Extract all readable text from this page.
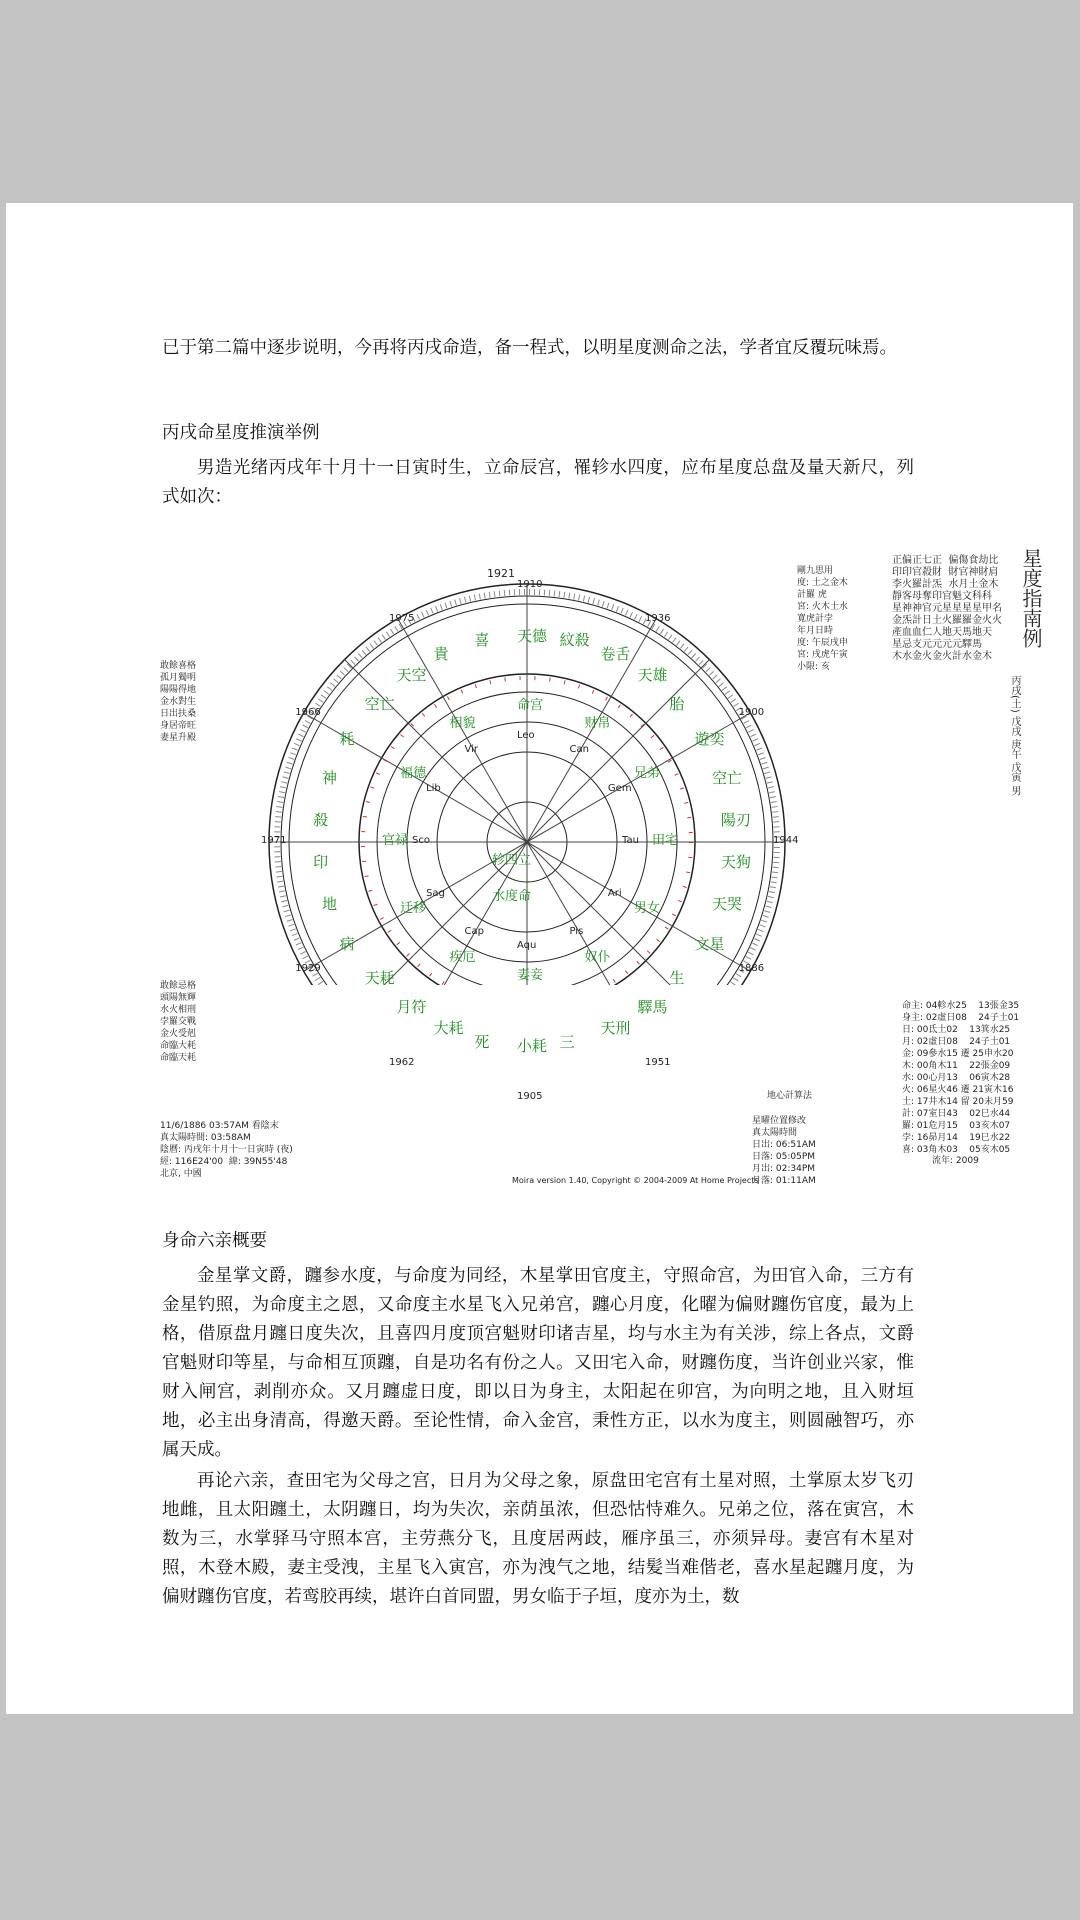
已于第二篇中逐步说明，今再将丙戌命造，备一程式，以明星度测命之法，学者宜反覆玩味焉。

丙戌命星度推演举例

男造光绪丙戌年十月十一日寅时生，立命辰宫，罹轸水四度，应布星度总盘及量天新尺，列式如次：

1921

轸四立

水度命

敢餘喜格
孤月獨明
陽陽得地
金水對生
日出扶桑
身居帝旺
妻星升殿
敢餘忌格
頭陽無輝
水火相刑
孛羅交戰
金火受剋
命臨大耗
命臨天耗
剛九思用
度: 土之金木
計羅 虎
宮: 火木土水
寬虎計孛
年月日時
度: 午辰戌申
宮: 戌虎午寅
小限: 亥
正偏正七正  偏傷食劫比
印印官殺財  財官神財肩
李火羅計炁  水月土金木
靜客母奪印官魁文科科
星神神官元星星星星甲名
金炁計日土火羅羅金火火
產血血仁人地天馬地天
星忌支元元元元驛馬
木水金火金火計水金木
星度指南例
丙戌(土) 戊戌 庚午 戊寅 男
命主: 04軫水25    13張金35
身主: 02虛日08    24子土01
日: 00氐土02    13箕水25
月: 02虛日08    24子土01
金: 09參水15 遷 25申水20
木: 00角木11    22張金09
水: 00心月13    06寅木28
火: 06星火46 遷 21寅木16
土: 17井木14 留 20未月59
計: 07室日43    02巳水44
羅: 01危月15    03亥木07
孛: 16昴月14    19巳水22
喜: 03角木03    05亥木05
流年: 2009
地心計算法
星曜位置修改
真太陽時間
日出: 06:51AM
日落: 05:05PM
月出: 02:34PM
月落: 01:11AM
11/6/1886 03:57AM 看陰末
真太陽時間: 03:58AM
陰曆: 丙戌年十月十一日寅時 (夜)
經: 116E24'00  緯: 39N55'48
北京, 中國
Moira version 1.40, Copyright © 2004-2009 At Home Projects
1910
1936
1900
1944
1886
1951
1905
1962
1929
1971
1966
1975
天德 紋殺
卷舌
天雄
胎
遊奕
空亡
陽刃
天狗
天哭
文星
生
驛馬
天刑
三
小耗
死
大耗
月符
天耗
病
地
印
殺
神
耗
空亡
天空
貴
喜
命宫
财帛
兄弟
田宅
男女
奴仆
妻妾
疾厄
迁移
官禄
福德
相貌
Leo
Can
Gem
Tau
Ari
Pis
Aqu
Cap
Sag
Sco
Lib
Vir

身命六亲概要

金星掌文爵，躔参水度，与命度为同经，木星掌田官度主，守照命宫，为田官入命，三方有金星钓照，为命度主之恩，又命度主水星飞入兄弟宫，躔心月度，化曜为偏财躔伤官度，最为上格，借原盘月躔日度失次，且喜四月度顶宫魁财印诸吉星，均与水主为有关涉，综上各点，文爵官魁财印等星，与命相互顶躔，自是功名有份之人。又田宅入命，财躔伤度，当许创业兴家，惟财入闸宫，剥削亦众。又月躔虚日度，即以日为身主，太阳起在卯宫，为向明之地，且入财垣地，必主出身清高，得邀天爵。至论性情，命入金宫，秉性方正，以水为度主，则圆融智巧，亦属天成。

再论六亲，查田宅为父母之宫，日月为父母之象，原盘田宅宫有土星对照，土掌原太岁飞刃地雌，且太阳躔土，太阴躔日，均为失次，亲荫虽浓，但恐怙恃难久。兄弟之位，落在寅宫，木数为三，水掌驿马守照本宫，主劳燕分飞，且度居两歧，雁序虽三，亦须异母。妻宫有木星对照，木登木殿，妻主受洩，主星飞入寅宫，亦为洩气之地，结髪当难偕老，喜水星起躔月度，为偏财躔伤官度，若鸾胶再续，堪许白首同盟，男女临于子垣，度亦为土，数
